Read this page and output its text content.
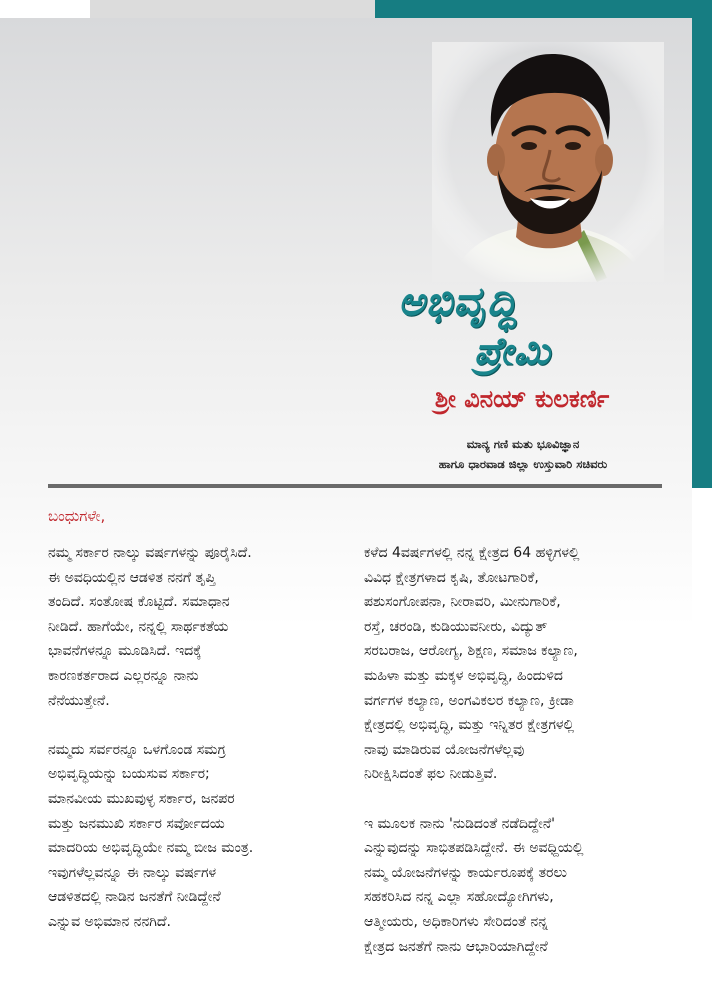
ಅಭಿವೃದ್ಧಿ
ಪ್ರೇಮಿ
ಶ್ರೀ ವಿನಯ್ ಕುಲಕರ್ಣಿ
ಮಾನ್ಯ ಗಣಿ ಮತು ಭೂವಿಜ್ಞಾನ
ಹಾಗೂ ಧಾರವಾಡ ಜಿಲ್ಲಾ ಉಸ್ತುವಾರಿ ಸಚಿವರು
ಬಂಧುಗಳೇ,
ನಮ್ಮ ಸರ್ಕಾರ ನಾಲ್ಕು ವರ್ಷಗಳನ್ನು ಪೂರೈಸಿದೆ.
ಈ ಅವಧಿಯಲ್ಲಿನ ಆಡಳಿತ ನನಗೆ ತೃಪ್ತಿ
ತಂದಿದೆ. ಸಂತೋಷ ಕೊಟ್ಟಿದೆ. ಸಮಾಧಾನ
ನೀಡಿದೆ. ಹಾಗೆಯೇ, ನನ್ನಲ್ಲಿ ಸಾರ್ಥಕತೆಯ
ಭಾವನೆಗಳನ್ನೂ ಮೂಡಿಸಿದೆ. ಇದಕ್ಕೆ
ಕಾರಣಕರ್ತರಾದ ಎಲ್ಲರನ್ನೂ ನಾನು
ನೆನೆಯುತ್ತೇನೆ.
ನಮ್ಮದು ಸರ್ವರನ್ನೂ ಒಳಗೊಂಡ ಸಮಗ್ರ
ಅಭಿವೃದ್ಧಿಯನ್ನು ಬಯಸುವ ಸರ್ಕಾರ;
ಮಾನವೀಯ ಮುಖವುಳ್ಳ ಸರ್ಕಾರ, ಜನಪರ
ಮತ್ತು ಜನಮುಖಿ ಸರ್ಕಾರ ಸರ್ವೋದಯ
ಮಾದರಿಯ ಅಭಿವೃದ್ಧಿಯೇ ನಮ್ಮ ಬೀಜ ಮಂತ್ರ.
ಇವುಗಳೆಲ್ಲವನ್ನೂ ಈ ನಾಲ್ಕು ವರ್ಷಗಳ
ಆಡಳಿತದಲ್ಲಿ ನಾಡಿನ ಜನತೆಗೆ ನೀಡಿದ್ದೇನೆ
ಎನ್ನುವ ಅಭಿಮಾನ ನನಗಿದೆ.
ಕಳೆದ 4ವರ್ಷಗಳಲ್ಲಿ ನನ್ನ ಕ್ಷೇತ್ರದ 64 ಹಳ್ಳಿಗಳಲ್ಲಿ
ವಿವಿಧ ಕ್ಷೇತ್ರಗಳಾದ ಕೃಷಿ, ತೋಟಗಾರಿಕೆ,
ಪಶುಸಂಗೋಪನಾ, ನೀರಾವರಿ, ಮೀನುಗಾರಿಕೆ,
ರಸ್ತೆ, ಚರಂಡಿ, ಕುಡಿಯುವನೀರು, ವಿದ್ಯುತ್
ಸರಬರಾಜ, ಆರೋಗ್ಯ, ಶಿಕ್ಷಣ, ಸಮಾಜ ಕಲ್ಯಾಣ,
ಮಹಿಳಾ ಮತ್ತು ಮಕ್ಕಳ ಅಭಿವೃದ್ಧಿ, ಹಿಂದುಳಿದ
ವರ್ಗಗಳ ಕಲ್ಯಾಣ, ಅಂಗವಿಕಲರ ಕಲ್ಯಾಣ, ಕ್ರೀಡಾ
ಕ್ಷೇತ್ರದಲ್ಲಿ ಅಭಿವೃದ್ಧಿ, ಮತ್ತು ಇನ್ನಿತರ ಕ್ಷೇತ್ರಗಳಲ್ಲಿ
ನಾವು ಮಾಡಿರುವ ಯೋಜನೆಗಳೆಲ್ಲವು
ನಿರೀಕ್ಷಿಸಿದಂತೆ ಫಲ ನೀಡುತ್ತಿವೆ.
ಇ ಮೂಲಕ ನಾನು 'ನುಡಿದಂತೆ ನಡೆದಿದ್ದೇನೆ'
ಎನ್ನುವುದನ್ನು ಸಾಭಿತಪಡಿಸಿದ್ದೇನೆ. ಈ ಅವಧ್ದಿಯಲ್ಲಿ
ನಮ್ಮ ಯೋಜನೆಗಳನ್ನು ಕಾರ್ಯರೂಪಕ್ಕೆ ತರಲು
ಸಹಕರಿಸಿದ ನನ್ನ ಎಲ್ಲಾ ಸಹೋದ್ಯೋಗಿಗಳು,
ಆತ್ಮೀಯರು, ಅಧಿಕಾರಿಗಳು ಸೇರಿದಂತೆ ನನ್ನ
ಕ್ಷೇತ್ರದ ಜನತೆಗೆ ನಾನು ಆಭಾರಿಯಾಗಿದ್ದೇನೆ
